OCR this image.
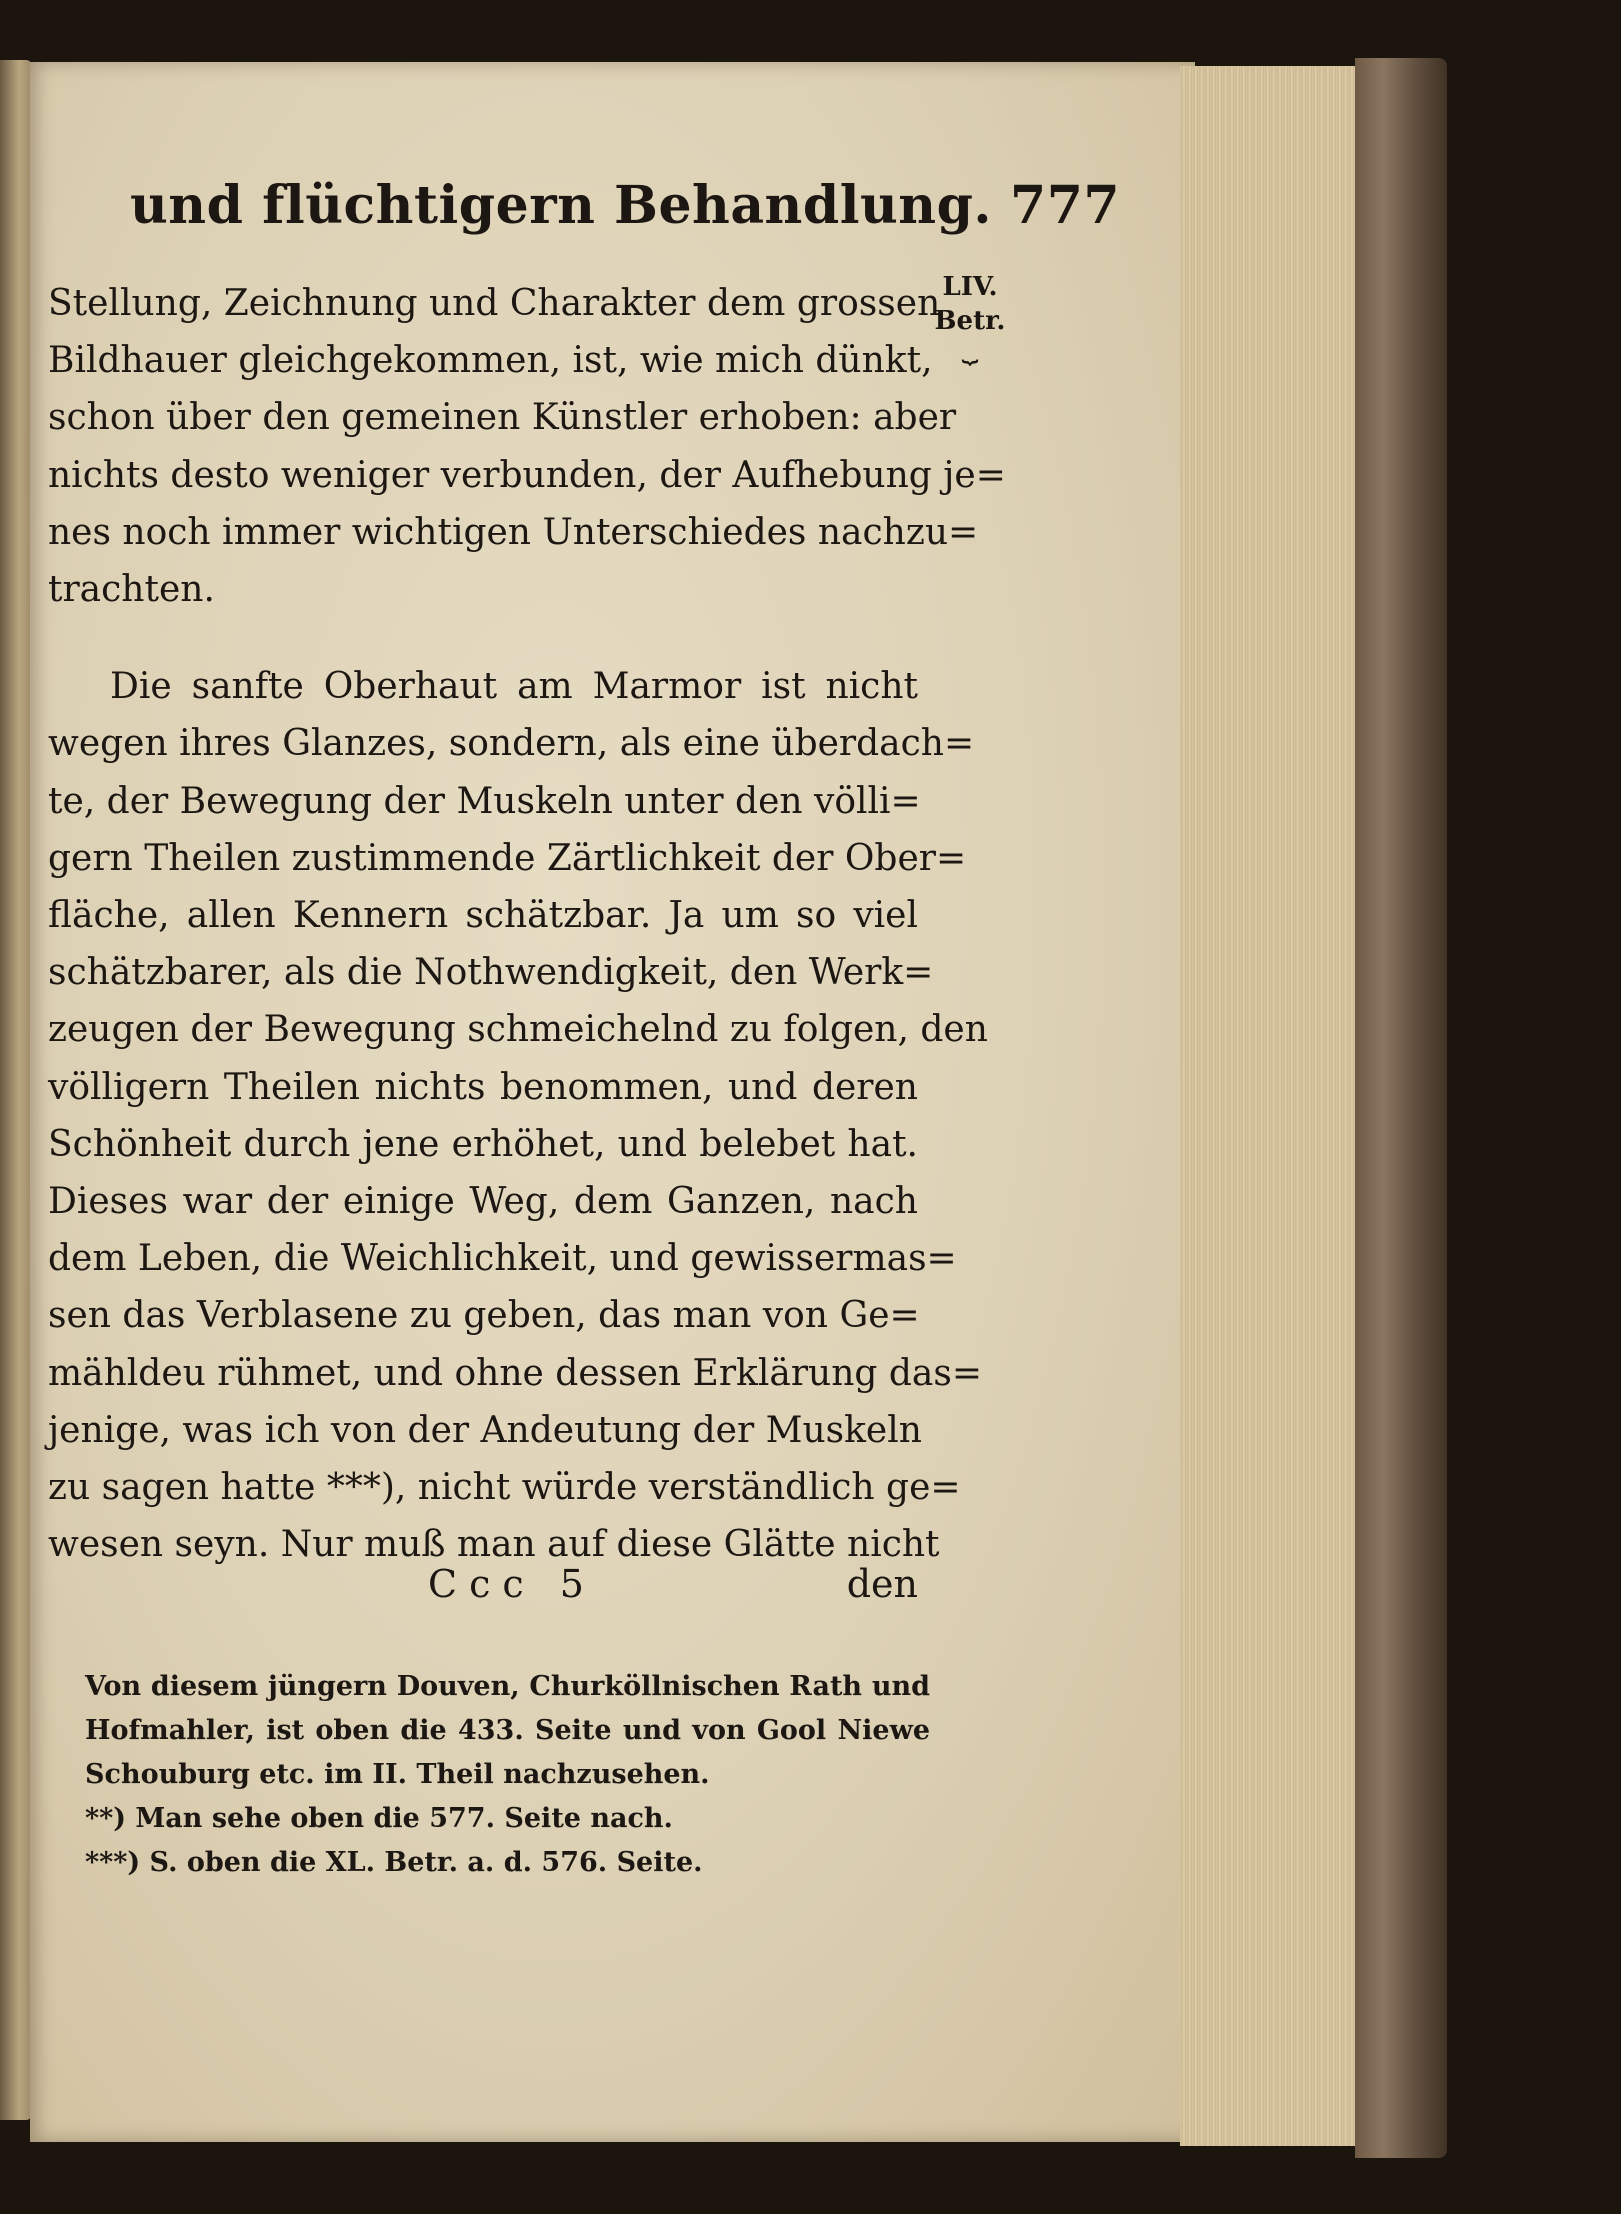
und flüchtigern Behandlung. 777
LIV.
Betr.
⏟
Stellung, Zeichnung und Charakter dem grossen
Bildhauer gleichgekommen, ist, wie mich dünkt,
schon über den gemeinen Künstler erhoben: aber
nichts desto weniger verbunden, der Aufhebung je=
nes noch immer wichtigen Unterschiedes nachzu=
trachten.
Die sanfte Oberhaut am Marmor ist nicht
wegen ihres Glanzes, sondern, als eine überdach=
te, der Bewegung der Muskeln unter den völli=
gern Theilen zustimmende Zärtlichkeit der Ober=
fläche, allen Kennern schätzbar. Ja um so viel
schätzbarer, als die Nothwendigkeit, den Werk=
zeugen der Bewegung schmeichelnd zu folgen, den
völligern Theilen nichts benommen, und deren
Schönheit durch jene erhöhet, und belebet hat.
Dieses war der einige Weg, dem Ganzen, nach
dem Leben, die Weichlichkeit, und gewissermas=
sen das Verblasene zu geben, das man von Ge=
mähldeu rühmet, und ohne dessen Erklärung das=
jenige, was ich von der Andeutung der Muskeln
zu sagen hatte ***), nicht würde verständlich ge=
wesen seyn. Nur muß man auf diese Glätte nicht
Ccc 5	den
Von diesem jüngern Douven, Churköllnischen Rath und
Hofmahler, ist oben die 433. Seite und von Gool Niewe
Schouburg etc. im II. Theil nachzusehen.
**) Man sehe oben die 577. Seite nach.
***) S. oben die XL. Betr. a. d. 576. Seite.
